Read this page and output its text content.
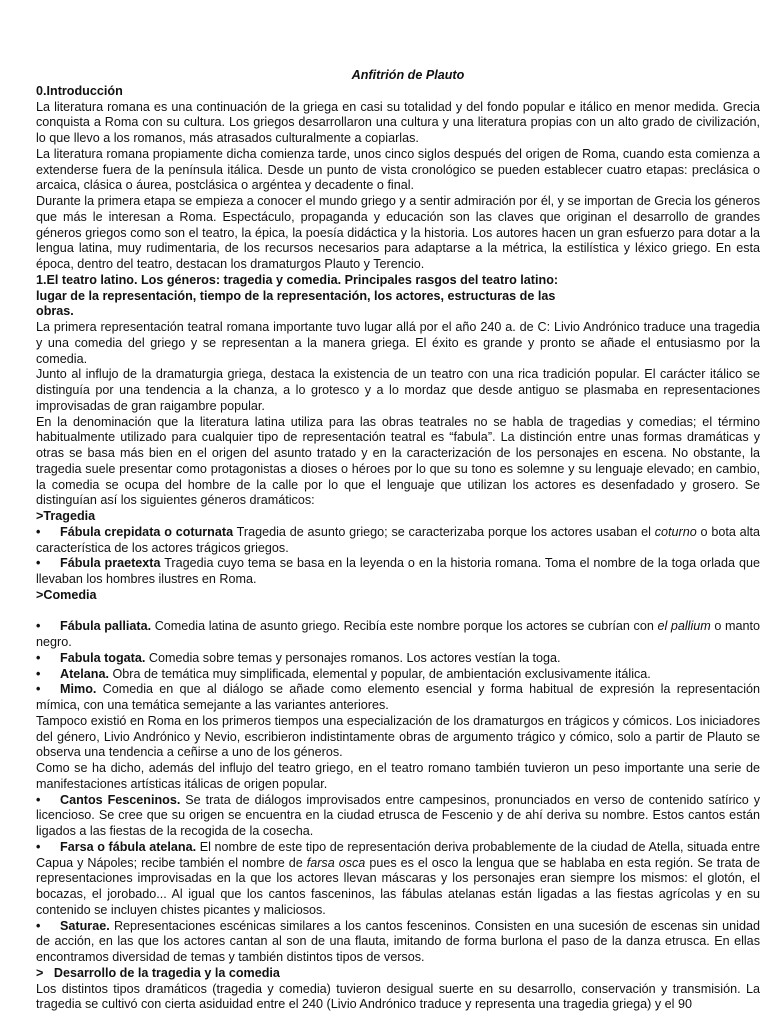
Anfitrión de Plauto

0.Introducción

La literatura romana es una continuación de la griega en casi su totalidad y del fondo popular e itálico en menor medida. Grecia conquista a Roma con su cultura. Los griegos desarrollaron una cultura y una literatura propias con un alto grado de civilización, lo que llevo a los romanos, más atrasados culturalmente a copiarlas.

La literatura romana propiamente dicha comienza tarde, unos cinco siglos después del origen de Roma, cuando esta comienza a extenderse fuera de la península itálica. Desde un punto de vista cronológico se pueden establecer cuatro etapas: preclásica o arcaica, clásica o áurea, postclásica o argéntea y decadente o final.

Durante la primera etapa se empieza a conocer el mundo griego y a sentir admiración por él, y se importan de Grecia los géneros que más le interesan a Roma. Espectáculo, propaganda y educación son las claves que originan el desarrollo de grandes géneros griegos como son el teatro, la épica, la poesía didáctica y la historia. Los autores hacen un gran esfuerzo para dotar a la lengua latina, muy rudimentaria, de los recursos necesarios para adaptarse a la métrica, la estilística y léxico griego. En esta época, dentro del teatro, destacan los dramaturgos Plauto y Terencio.

1.El teatro latino. Los géneros: tragedia y comedia. Principales rasgos del teatro latino:

lugar de la representación, tiempo de la representación, los actores, estructuras de las

obras.

La primera representación teatral romana importante tuvo lugar allá por el año 240 a. de C: Livio Andrónico traduce una tragedia y una comedia del griego y se representan a la manera griega. El éxito es grande y pronto se añade el entusiasmo por la comedia.

Junto al influjo de la dramaturgia griega, destaca la existencia de un teatro con una rica tradición popular. El carácter itálico se distinguía por una tendencia a la chanza, a lo grotesco y a lo mordaz que desde antiguo se plasmaba en representaciones improvisadas de gran raigambre popular.

En la denominación que la literatura latina utiliza para las obras teatrales no se habla de tragedias y comedias; el término habitualmente utilizado para cualquier tipo de representación teatral es “fabula”. La distinción entre unas formas dramáticas y otras se basa más bien en el origen del asunto tratado y en la caracterización de los personajes en escena. No obstante, la tragedia suele presentar como protagonistas a dioses o héroes por lo que su tono es solemne y su lenguaje elevado; en cambio, la comedia se ocupa del hombre de la calle por lo que el lenguaje que utilizan los actores es desenfadado y grosero. Se distinguían así los siguientes géneros dramáticos:

>Tragedia

• Fábula crepidata o coturnata Tragedia de asunto griego; se caracterizaba porque los actores usaban el coturno o bota alta característica de los actores trágicos griegos.

• Fábula praetexta Tragedia cuyo tema se basa en la leyenda o en la historia romana. Toma el nombre de la toga orlada que llevaban los hombres ilustres en Roma.

>Comedia

• Fábula palliata. Comedia latina de asunto griego. Recibía este nombre porque los actores se cubrían con el pallium o manto negro.

• Fabula togata. Comedia sobre temas y personajes romanos. Los actores vestían la toga.

• Atelana. Obra de temática muy simplificada, elemental y popular, de ambientación exclusivamente itálica.

• Mimo. Comedia en que al diálogo se añade como elemento esencial y forma habitual de expresión la representación mímica, con una temática semejante a las variantes anteriores.

Tampoco existió en Roma en los primeros tiempos una especialización de los dramaturgos en trágicos y cómicos. Los iniciadores del género, Livio Andrónico y Nevio, escribieron indistintamente obras de argumento trágico y cómico, solo a partir de Plauto se observa una tendencia a ceñirse a uno de los géneros.

Como se ha dicho, además del influjo del teatro griego, en el teatro romano también tuvieron un peso importante una serie de manifestaciones artísticas itálicas de origen popular.

• Cantos Fesceninos. Se trata de diálogos improvisados entre campesinos, pronunciados en verso de contenido satírico y licencioso. Se cree que su origen se encuentra en la ciudad etrusca de Fescenio y de ahí deriva su nombre. Estos cantos están ligados a las fiestas de la recogida de la cosecha.

• Farsa o fábula atelana. El nombre de este tipo de representación deriva probablemente de la ciudad de Atella, situada entre Capua y Nápoles; recibe también el nombre de farsa osca pues es el osco la lengua que se hablaba en esta región. Se trata de representaciones improvisadas en la que los actores llevan máscaras y los personajes eran siempre los mismos: el glotón, el bocazas, el jorobado... Al igual que los cantos fasceninos, las fábulas atelanas están ligadas a las fiestas agrícolas y en su contenido se incluyen chistes picantes y maliciosos.

• Saturae. Representaciones escénicas similares a los cantos fesceninos. Consisten en una sucesión de escenas sin unidad de acción, en las que los actores cantan al son de una flauta, imitando de forma burlona el paso de la danza etrusca. En ellas encontramos diversidad de temas y también distintos tipos de versos.

>   Desarrollo de la tragedia y la comedia

Los distintos tipos dramáticos (tragedia y comedia) tuvieron desigual suerte en su desarrollo, conservación y transmisión. La tragedia se cultivó con cierta asiduidad entre el 240 (Livio Andrónico traduce y representa una tragedia griega) y el 90
